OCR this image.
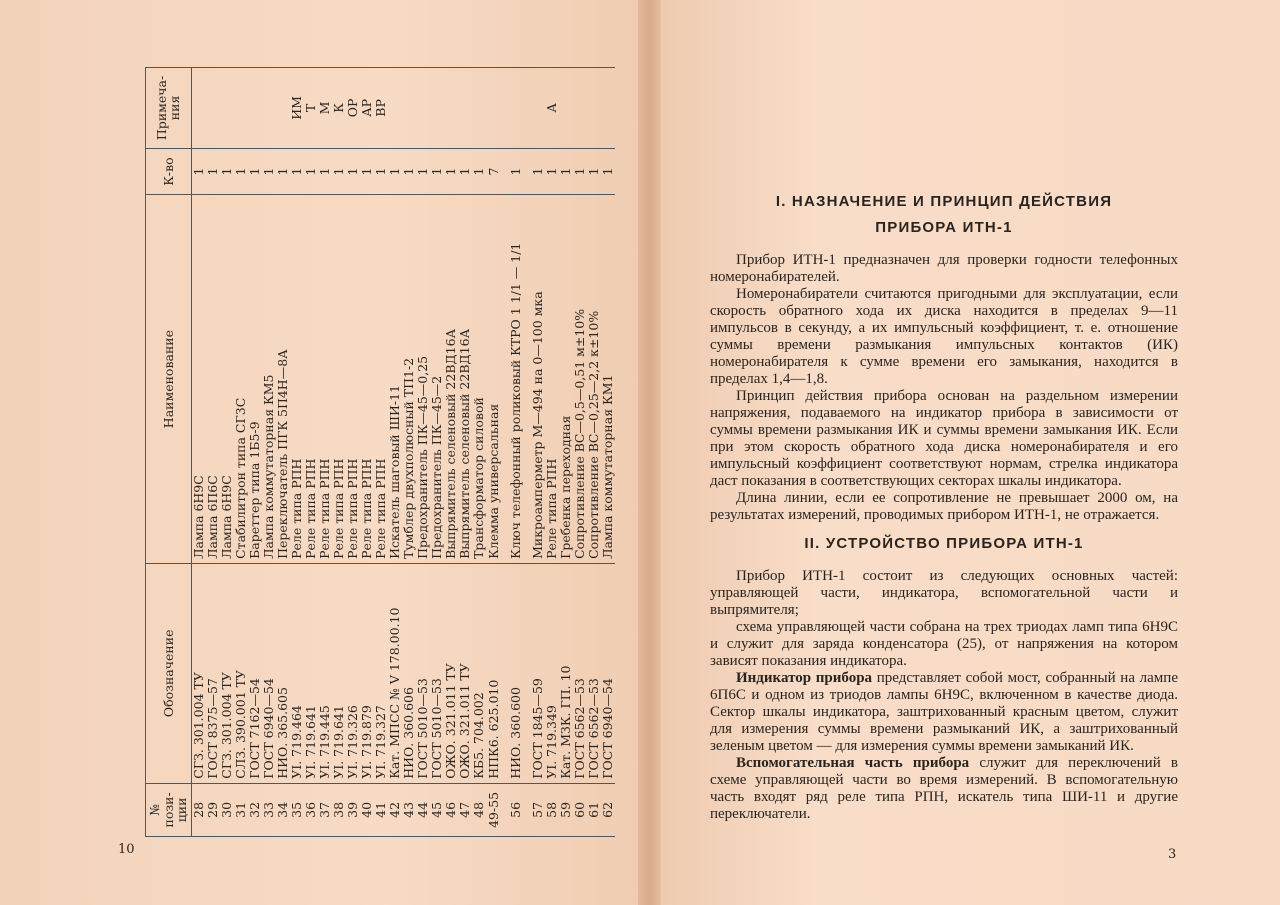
№ пози-ции	Обозначение	Наименование	К-во	Примеча-ния
28	СГЗ. 301.004 ТУ	Лампа 6Н9С	1	
29	ГОСТ 8375—57	Лампа 6П6С	1	
30	СГЗ. 301.004 ТУ	Лампа 6Н9С	1	
31	СЛЗ. 390.001 ТУ	Стабилитрон типа СГ3С	1	
32	ГОСТ 7162—54	Бареттер типа 1Б5-9	1	
33	ГОСТ 6940—54	Лампа коммутаторная КМ5	1	
34	НИО. 365.605	Переключатель ПГК 5П4Н—8А	1	
35	УI. 719.464	Реле типа РПН	1	ИМ
36	УI. 719.641	Реле типа РПН	1	Т
37	УI. 719.445	Реле типа РПН	1	М
38	УI. 719.641	Реле типа РПН	1	К
39	УI. 719.326	Реле типа РПН	1	ОР
40	УI. 719.879	Реле типа РПН	1	АР
41	УI. 719.327	Реле типа РПН	1	ВР
42	Кат. МПСС № V 178.00.10	Искатель шаговый ШИ-11	1	
43	НИО. 360.606	Тумблер двухполюсный ТП1-2	1	
44	ГОСТ 5010—53	Предохранитель ПК—45—0,25	1	
45	ГОСТ 5010—53	Предохранитель ПК—45—2	1	
46	ОЖО. 321.011 ТУ	Выпрямитель селеновый 22ВД16А	1	
47	ОЖО. 321.011 ТУ	Выпрямитель селеновый 22ВД16А	1	
48	КБ5. 704.002	Трансформатор силовой	1	
49-55	НПК6. 625.010	Клемма универсальная	7	

56	НИО. 360.600	Ключ телефонный роликовый КТРО 1 1/1 — 1/1	1	

57	ГОСТ 1845—59	Микроамперметр М—494 на 0—100 мка	1	
58	УI. 719.349	Реле типа РПН	1	А
59	Кат. МЗК. ГП. 10	Гребенка переходная	1	
60	ГОСТ 6562—53	Сопротивление ВС—0,5—0,51 м±10%	1	
61	ГОСТ 6562—53	Сопротивление ВС—0,25—2,2 к±10%	1	
62	ГОСТ 6940—54	Лампа коммутаторная КМ1	1	
10
I. НАЗНАЧЕНИЕ И ПРИНЦИП ДЕЙСТВИЯ
ПРИБОРА ИТН-1

Прибор ИТН-1 предназначен для проверки годности телефонных номеронабирателей.

Номеронабиратели считаются пригодными для эксплуатации, если скорость обратного хода их диска находится в пределах 9—11 импульсов в секунду, а их импульсный коэффициент, т. е. отношение суммы времени размыкания импульсных контактов (ИК) номеронабирателя к сумме времени его замыкания, находится в пределах 1,4—1,8.

Принцип действия прибора основан на раздельном измерении напряжения, подаваемого на индикатор прибора в зависимости от суммы времени размыкания ИК и суммы времени замыкания ИК. Если при этом скорость обратного хода диска номеронабирателя и его импульсный коэффициент соответствуют нормам, стрелка индикатора даст показания в соответствующих секторах шкалы индикатора.

Длина линии, если ее сопротивление не превышает 2000 ом, на результатах измерений, проводимых прибором ИТН-1, не отражается.

II. УСТРОЙСТВО ПРИБОРА ИТН-1

Прибор ИТН-1 состоит из следующих основных частей: управляющей части, индикатора, вспомогательной части и выпрямителя;

схема управляющей части собрана на трех триодах ламп типа 6Н9С и служит для заряда конденсатора (25), от напряжения на котором зависят показания индикатора.

Индикатор прибора представляет собой мост, собранный на лампе 6П6С и одном из триодов лампы 6Н9С, включенном в качестве диода. Сектор шкалы индикатора, заштрихованный красным цветом, служит для измерения суммы времени размыканий ИК, а заштрихованный зеленым цветом — для измерения суммы времени замыканий ИК.

Вспомогательная часть прибора служит для переключений в схеме управляющей части во время измерений. В вспомогательную часть входят ряд реле типа РПН, искатель типа ШИ-11 и другие переключатели.

3
